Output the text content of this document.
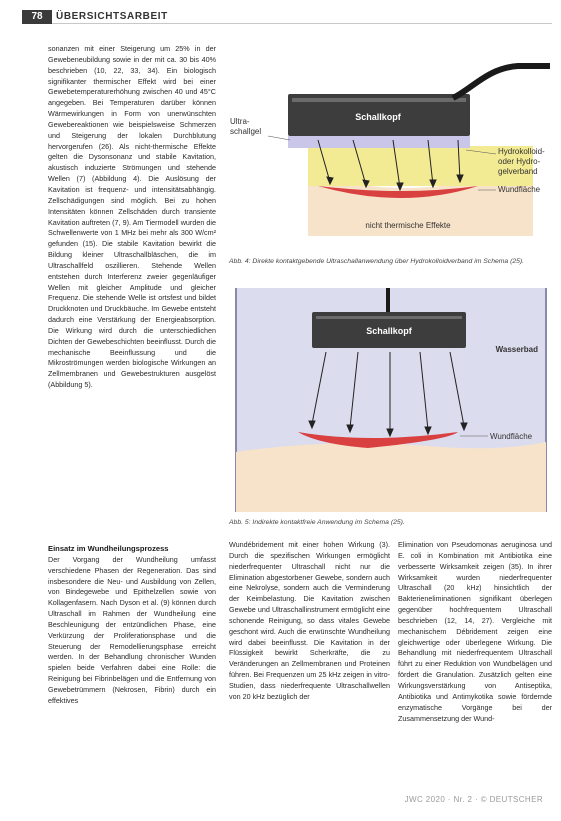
78	ÜBERSICHTSARBEIT

sonanzen mit einer Steigerung um 25% in der Gewebeneubildung sowie in der mit ca. 30 bis 40% beschrieben (10, 22, 33, 34). Ein biologisch signifikanter thermischer Effekt wird bei einer Gewebetemperaturerhöhung zwischen 40 und 45°C angegeben. Bei Temperaturen darüber können Wärmewirkungen in Form von unerwünschten Gewebereaktionen wie beispielsweise Schmerzen und Steigerung der lokalen Durchblutung hervorgerufen (26). Als nicht-thermische Effekte gelten die Dysonsonanz und stabile Kavitation, akustisch induzierte Strömungen und stehende Wellen (7) (Abbildung 4). Die Auslösung der Kavitation ist frequenz- und intensitätsabhängig. Zellschädigungen sind möglich. Bei zu hohen Intensitäten können Zellschäden durch transiente Kavitation auftreten (7, 9). Am Tiermodell wurden die Schwellenwerte von 1 MHz bei mehr als 300 W/cm² gefunden (15). Die stabile Kavitation bewirkt die Bildung kleiner Ultraschallbläschen, die im Ultraschallfeld oszillieren. Stehende Wellen entstehen durch Interferenz zweier gegenläufiger Wellen mit gleicher Amplitude und gleicher Frequenz. Die stehende Welle ist ortsfest und bildet Druckknoten und Druckbäuche. Im Gewebe entsteht dadurch eine Verstärkung der Energieabsorption. Die Wirkung wird durch die unterschiedlichen Dichten der Gewebeschichten beeinflusst. Durch die mechanische Beeinflussung und die Mikroströmungen werden biologische Wirkungen an Zellmembranen und Gewebestrukturen ausgelöst (Abbildung 5).

Schallkopf
Ultra-
schallgel
Hydrokolloid-
oder Hydro-
gelverband
Wundfläche
nicht thermische Effekte
Abb. 4: Direkte kontaktgebende Ultraschallanwendung über Hydrokolloidverband im Schema (25).
Schallkopf
Wasserbad
Wundfläche
Abb. 5: Indirekte kontaktfreie Anwendung im Schema (25).
Einsatz im Wundheilungsprozess

Der Vorgang der Wundheilung umfasst verschiedene Phasen der Regeneration. Das sind insbesondere die Neu- und Ausbildung von Zellen, von Bindegewebe und Epithelzellen sowie von Kollagenfasern. Nach Dyson et al. (9) können durch Ultraschall im Rahmen der Wundheilung eine Beschleunigung der entzündlichen Phase, eine Verkürzung der Proliferationsphase und die Steuerung der Remodellierungsphase erreicht werden. In der Behandlung chronischer Wunden spielen beide Verfahren dabei eine Rolle: die Reinigung bei Fibrinbelägen und die Entfernung von Gewebetrümmern (Nekrosen, Fibrin) durch ein effektives

Wundébridement mit einer hohen Wirkung (3). Durch die spezifischen Wirkungen ermöglicht niederfrequenter Ultraschall nicht nur die Elimination abgestorbener Gewebe, sondern auch eine Nekrolyse, sondern auch die Verminderung der Keimbelastung. Die Kavitation zwischen Gewebe und Ultraschallinstrument ermöglicht eine schonende Reinigung, so dass vitales Gewebe geschont wird. Auch die erwünschte Wundheilung wird dabei beeinflusst. Die Kavitation in der Flüssigkeit bewirkt Scherkräfte, die zu Veränderungen an Zellmembranen und Proteinen führen. Bei Frequenzen um 25 kHz zeigen in vitro-Studien, dass niederfrequente Ultraschallwellen von 20 kHz bezüglich der

Elimination von Pseudomonas aeruginosa und E. coli in Kombination mit Antibiotika eine verbesserte Wirksamkeit zeigen (35). In ihrer Wirksamkeit wurden niederfrequenter Ultraschall (20 kHz) hinsichtlich der Bakterieneliminationen signifikant überlegen gegenüber hochfrequentem Ultraschall beschrieben (12, 14, 27). Vergleiche mit mechanischem Débridement zeigen eine gleichwertige oder überlegene Wirkung. Die Behandlung mit niederfrequentem Ultraschall führt zu einer Reduktion von Wundbelägen und fördert die Granulation. Zusätzlich gelten eine Wirkungsverstärkung von Antiseptika, Antibiotika und Antimykotika sowie fördernde enzymatische Vorgänge bei der Zusammensetzung der Wund-

JWC 2020 · Nr. 2 · © DEUTSCHER
